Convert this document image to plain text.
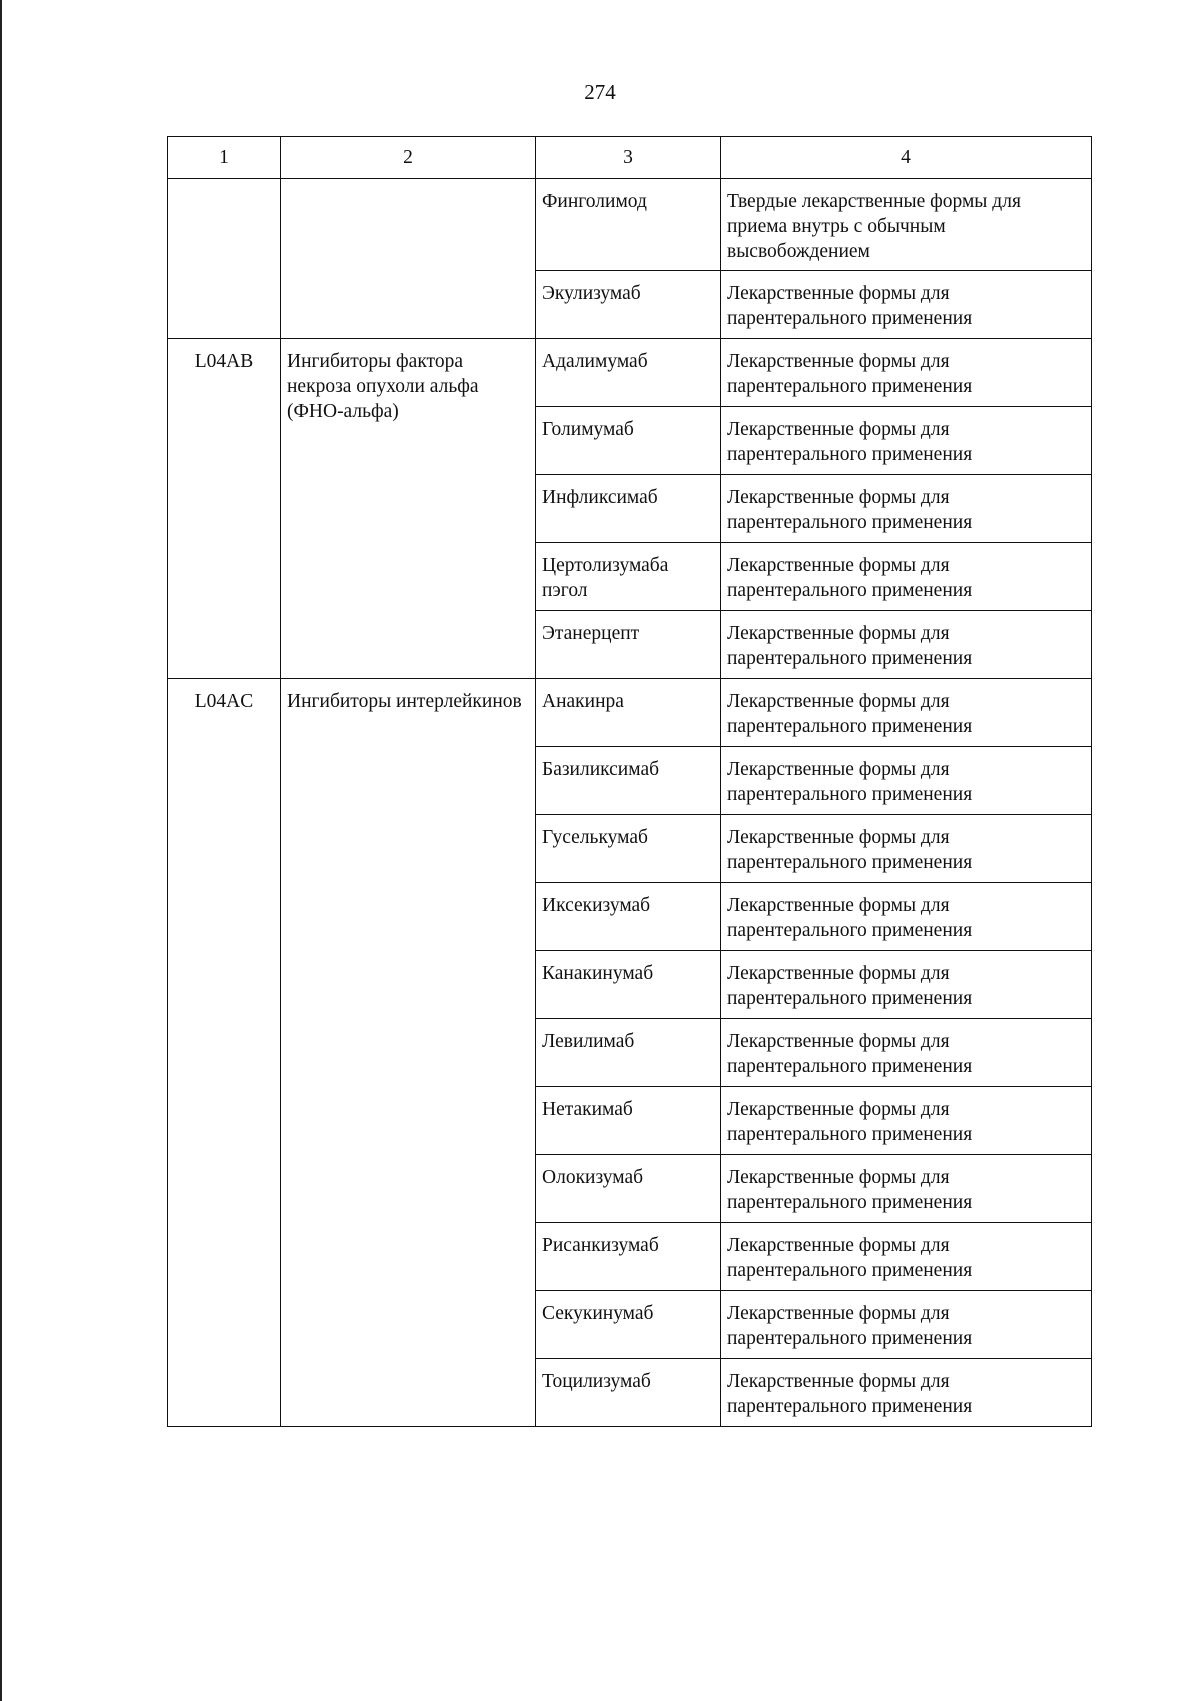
274
1	2	3	4
		Финголимод	Твердые лекарственные формы для приема внутрь с обычным высвобождением
		Экулизумаб	Лекарственные формы для парентерального применения
L04AB	Ингибиторы фактора некроза опухоли альфа (ФНО-альфа)	Адалимумаб	Лекарственные формы для парентерального применения
		Голимумаб	Лекарственные формы для парентерального применения
		Инфликсимаб	Лекарственные формы для парентерального применения
		Цертолизумаба пэгол	Лекарственные формы для парентерального применения
		Этанерцепт	Лекарственные формы для парентерального применения
L04AC	Ингибиторы интерлейкинов	Анакинра	Лекарственные формы для парентерального применения
		Базиликсимаб	Лекарственные формы для парентерального применения
		Гуселькумаб	Лекарственные формы для парентерального применения
		Иксекизумаб	Лекарственные формы для парентерального применения
		Канакинумаб	Лекарственные формы для парентерального применения
		Левилимаб	Лекарственные формы для парентерального применения
		Нетакимаб	Лекарственные формы для парентерального применения
		Олокизумаб	Лекарственные формы для парентерального применения
		Рисанкизумаб	Лекарственные формы для парентерального применения
		Секукинумаб	Лекарственные формы для парентерального применения
		Тоцилизумаб	Лекарственные формы для парентерального применения
